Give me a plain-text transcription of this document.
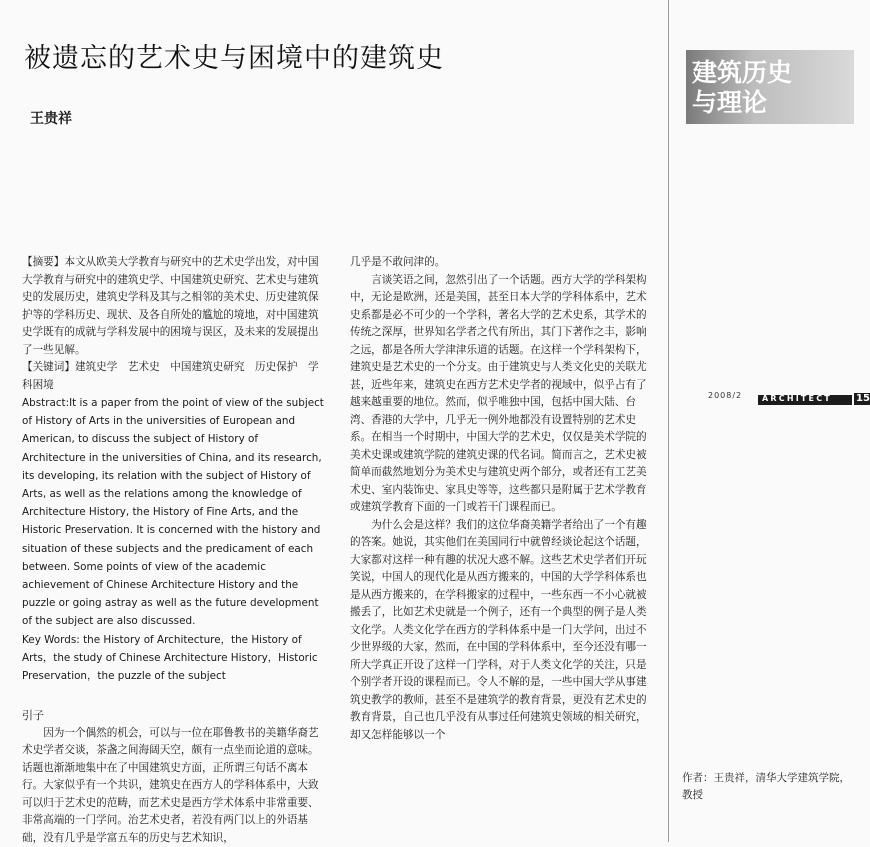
被遗忘的艺术史与困境中的建筑史
王贵祥
建筑历史
与理论

【摘要】本文从欧美大学教育与研究中的艺术史学出发，对中国大学教育与研究中的建筑史学、中国建筑史研究、艺术史与建筑史的发展历史，建筑史学科及其与之相邻的美术史、历史建筑保护等的学科历史、现状、及各自所处的尴尬的境地，对中国建筑史学既有的成就与学科发展中的困境与误区，及未来的发展提出了一些见解。

【关键词】建筑史学　艺术史　中国建筑史研究　历史保护　学科困境

Abstract:It is a paper from the point of view of the subject of History of Arts in the universities of European and American, to discuss the subject of History of Architecture in the universities of China, and its research, its developing, its relation with the subject of History of Arts, as well as the relations among the knowledge of Architecture History, the History of Fine Arts, and the Historic Preservation. It is concerned with the history and situation of these subjects and the predicament of each between. Some points of view of the academic achievement of Chinese Architecture History and the puzzle or going astray as well as the future development of the subject are also discussed.

Key Words: the History of Architecture，the History of Arts，the study of Chinese Architecture History，Historic Preservation，the puzzle of the subject

引子

因为一个偶然的机会，可以与一位在耶鲁教书的美籍华裔艺术史学者交谈，茶盏之间海阔天空，颇有一点坐而论道的意味。话题也渐渐地集中在了中国建筑史方面，正所谓三句话不离本行。大家似乎有一个共识，建筑史在西方人的学科体系中，大致可以归于艺术史的范畴，而艺术史是西方学术体系中非常重要、非常高端的一门学问。治艺术史者，若没有两门以上的外语基础，没有几乎是学富五车的历史与艺术知识，

几乎是不敢问津的。

言谈笑语之间，忽然引出了一个话题。西方大学的学科架构中，无论是欧洲，还是美国，甚至日本大学的学科体系中，艺术史系都是必不可少的一个学科，著名大学的艺术史系，其学术的传统之深厚，世界知名学者之代有所出，其门下著作之丰，影响之远，都是各所大学津津乐道的话题。在这样一个学科架构下，建筑史是艺术史的一个分支。由于建筑史与人类文化史的关联尤甚，近些年来，建筑史在西方艺术史学者的视域中，似乎占有了越来越重要的地位。然而，似乎唯独中国，包括中国大陆、台湾、香港的大学中，几乎无一例外地都没有设置特别的艺术史系。在相当一个时期中，中国大学的艺术史，仅仅是美术学院的美术史课或建筑学院的建筑史课的代名词。简而言之，艺术史被简单而截然地划分为美术史与建筑史两个部分，或者还有工艺美术史、室内装饰史、家具史等等，这些都只是附属于艺术学教育或建筑学教育下面的一门或若干门课程而已。

为什么会是这样？我们的这位华裔美籍学者给出了一个有趣的答案。她说，其实他们在美国同行中就曾经谈论起这个话题，大家都对这样一种有趣的状况大惑不解。这些艺术史学者们开玩笑说，中国人的现代化是从西方搬来的，中国的大学学科体系也是从西方搬来的，在学科搬家的过程中，一些东西一不小心就被搬丢了，比如艺术史就是一个例子，还有一个典型的例子是人类文化学。人类文化学在西方的学科体系中是一门大学问，出过不少世界级的大家，然而，在中国的学科体系中，至今还没有哪一所大学真正开设了这样一门学科，对于人类文化学的关注，只是个别学者开设的课程而已。令人不解的是，一些中国大学从事建筑史教学的教师，甚至不是建筑学的教育背景，更没有艺术史的教育背景，自己也几乎没有从事过任何建筑史领域的相关研究，却又怎样能够以一个

2008/2 ARCHITECT 15
作者：王贵祥，清华大学建筑学院，教授
